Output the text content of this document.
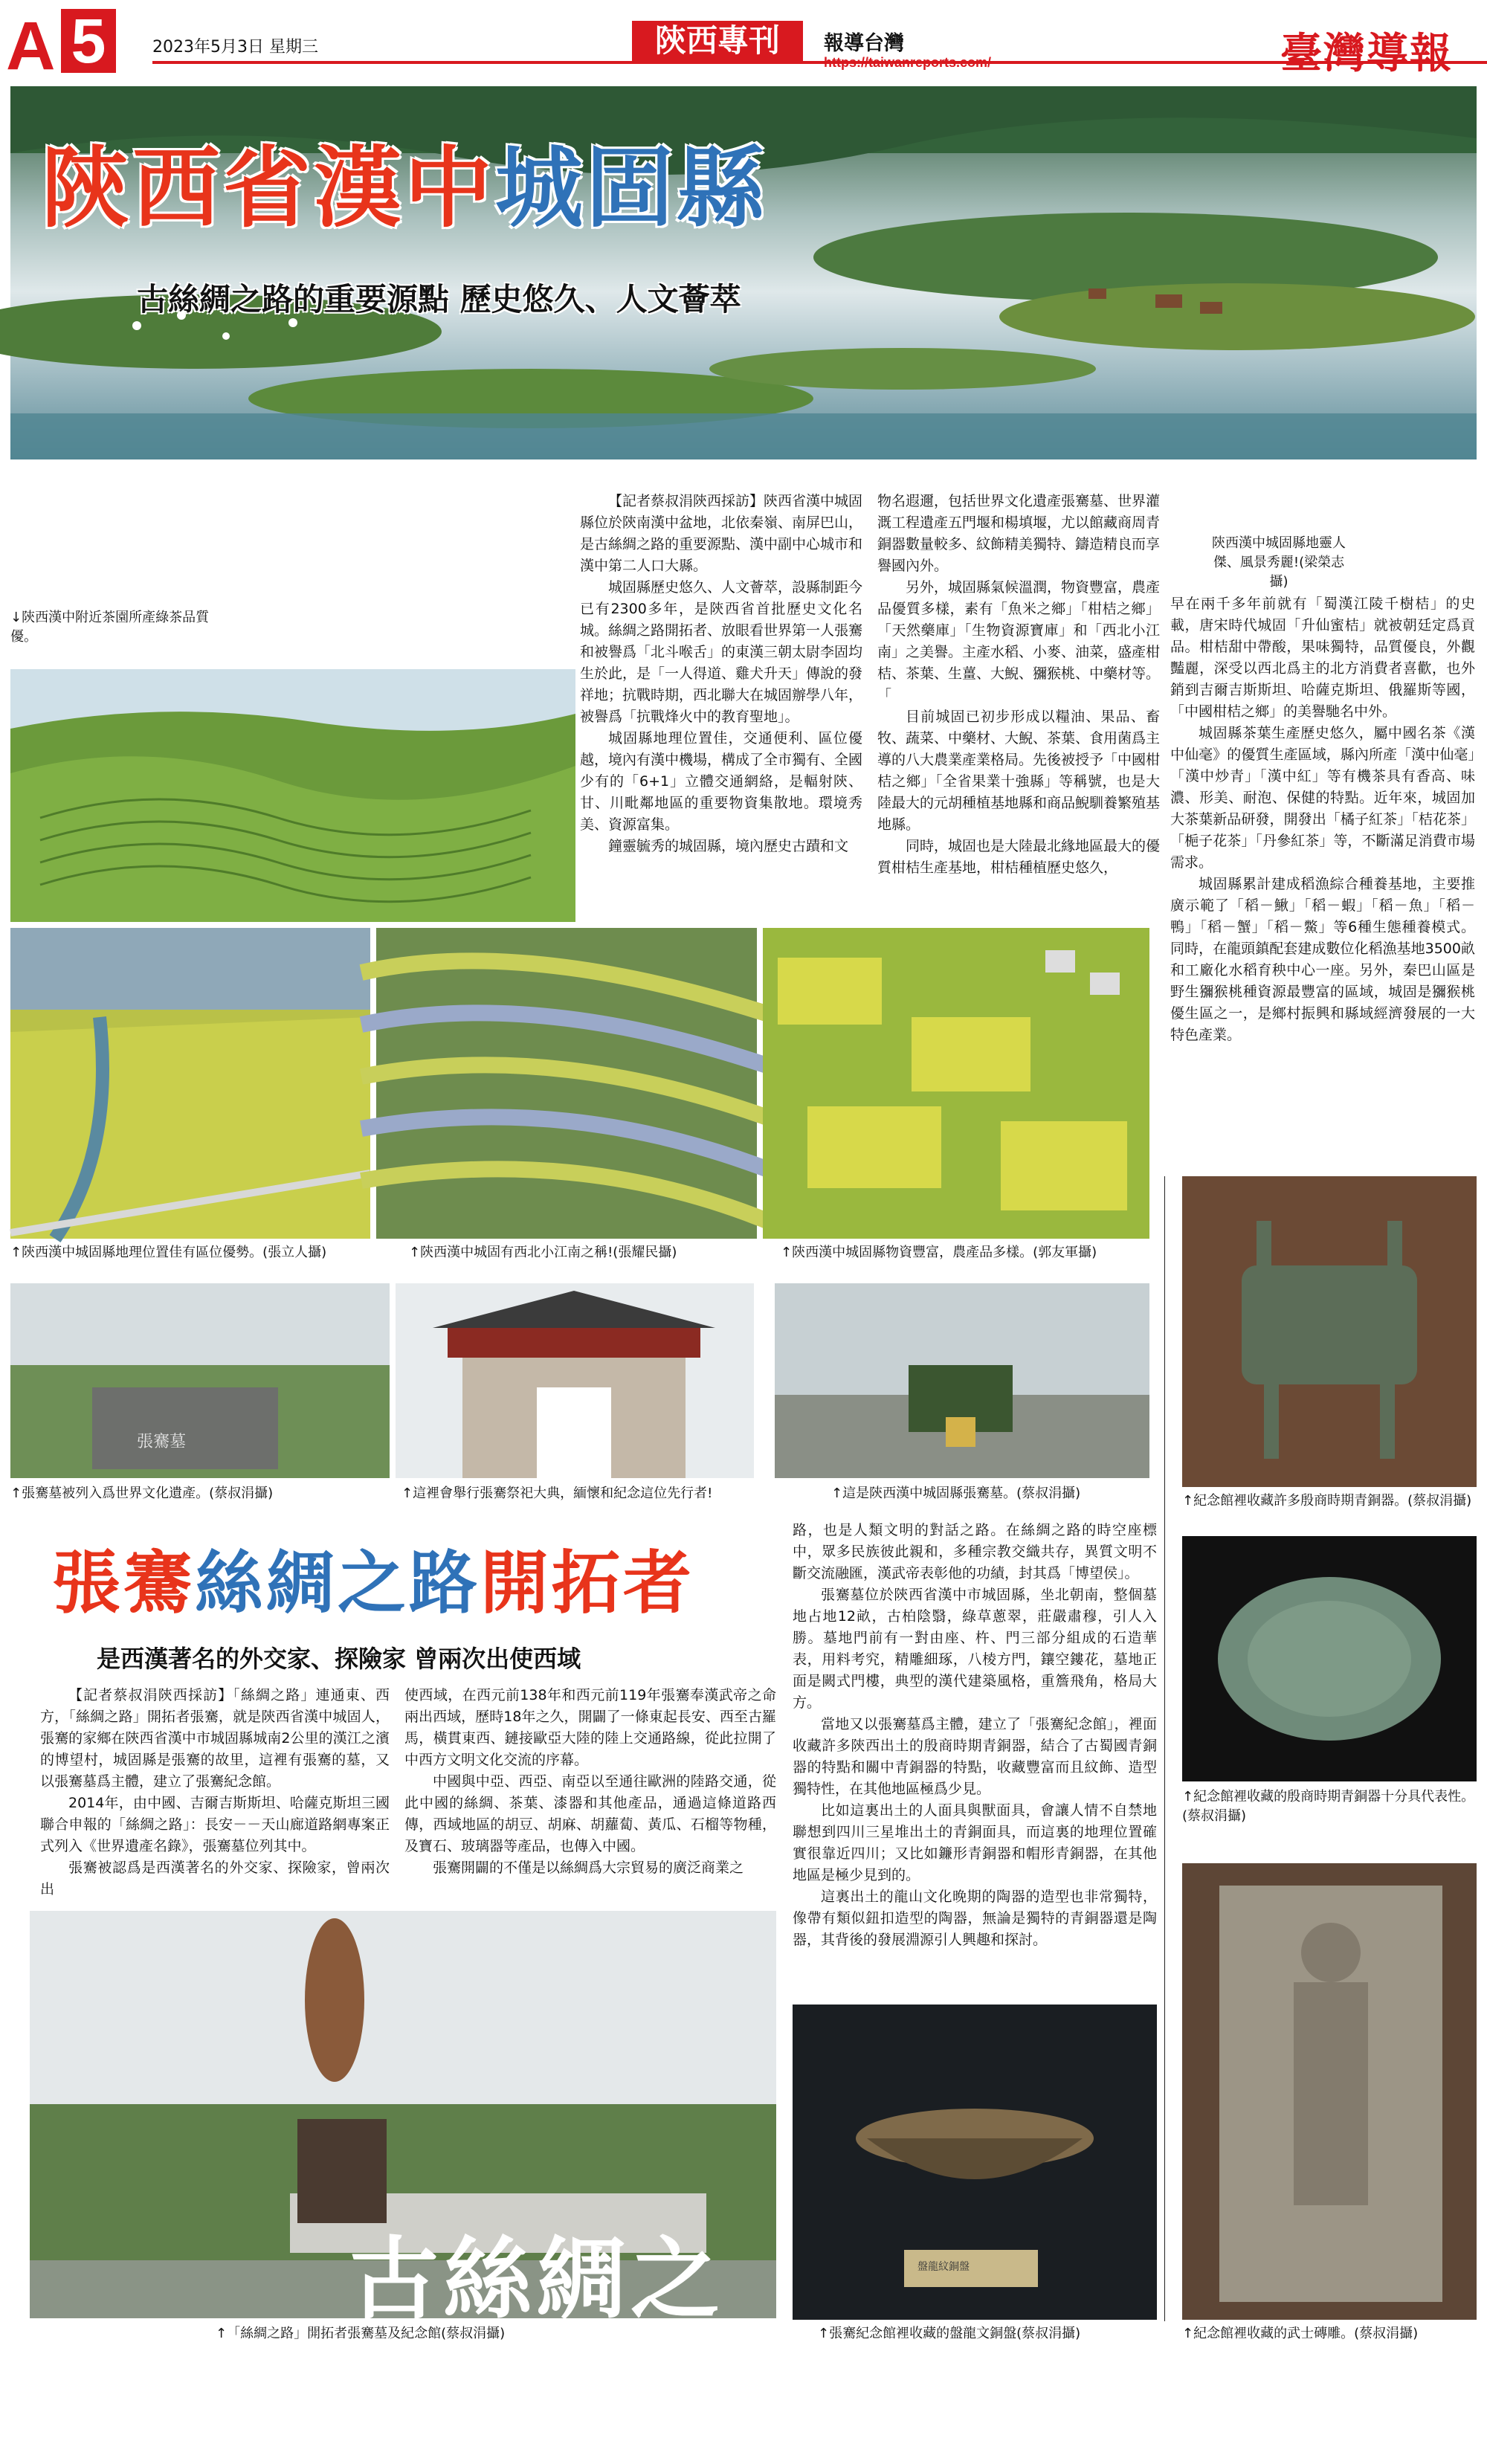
A 5	2023年5月3日 星期三	陝西專刊	報導台灣
https://taiwanreports.com/	臺灣導報
陝西省漢中城固縣
古絲綢之路的重要源點 歷史悠久、人文薈萃
陝西漢中城固縣地靈人傑、風景秀麗!(梁榮志攝)
↓陝西漢中附近茶園所產綠茶品質優。

【記者蔡叔涓陝西採訪】陝西省漢中城固縣位於陝南漢中盆地，北依秦嶺、南屏巴山，是古絲綢之路的重要源點、漢中副中心城市和漢中第二人口大縣。

城固縣歷史悠久、人文薈萃，設縣制距今已有2300多年，是陝西省首批歷史文化名城。絲綢之路開拓者、放眼看世界第一人張騫和被譽爲「北斗喉舌」的東漢三朝太尉李固均生於此，是「一人得道、雞犬升天」傳說的發祥地；抗戰時期，西北聯大在城固辦學八年，被譽爲「抗戰烽火中的教育聖地」。

城固縣地理位置佳，交通便利、區位優越，境內有漢中機場，構成了全市獨有、全國少有的「6+1」立體交通網絡，是輻射陝、甘、川毗鄰地區的重要物資集散地。環境秀美、資源富集。

鐘靈毓秀的城固縣，境內歷史古蹟和文

物名遐邇，包括世界文化遺產張騫墓、世界灌溉工程遺產五門堰和楊填堰，尤以館藏商周青銅器數量較多、紋飾精美獨特、鑄造精良而享譽國內外。

另外，城固縣氣候溫潤，物資豐富，農產品優質多樣，素有「魚米之鄉」「柑桔之鄉」「天然藥庫」「生物資源寶庫」和「西北小江南」之美譽。主產水稻、小麥、油菜，盛產柑桔、茶葉、生薑、大鯢、獼猴桃、中藥材等。「

目前城固已初步形成以糧油、果品、畜牧、蔬菜、中藥材、大鯢、茶葉、食用菌爲主導的八大農業產業格局。先後被授予「中國柑桔之鄉」「全省果業十強縣」等稱號，也是大陸最大的元胡種植基地縣和商品鯢馴養繁殖基地縣。

同時，城固也是大陸最北緣地區最大的優質柑桔生產基地，柑桔種植歷史悠久，

早在兩千多年前就有「蜀漢江陵千樹桔」的史載，唐宋時代城固「升仙蜜桔」就被朝廷定爲貢品。柑桔甜中帶酸，果味獨特，品質優良，外觀豔麗，深受以西北爲主的北方消費者喜歡，也外銷到吉爾吉斯斯坦、哈薩克斯坦、俄羅斯等國，「中國柑桔之鄉」的美譽馳名中外。

城固縣茶葉生產歷史悠久，屬中國名茶《漢中仙毫》的優質生產區域，縣內所產「漢中仙毫」「漢中炒青」「漢中紅」等有機茶具有香高、味濃、形美、耐泡、保健的特點。近年來，城固加大茶葉新品研發，開發出「橘子紅茶」「桔花茶」「梔子花茶」「丹參紅茶」等，不斷滿足消費市場需求。

城固縣累計建成稻漁綜合種養基地，主要推廣示範了「稻－鰍」「稻－蝦」「稻－魚」「稻－鴨」「稻－蟹」「稻－鱉」等6種生態種養模式。同時，在龍頭鎮配套建成數位化稻漁基地3500畝和工廠化水稻育秧中心一座。另外，秦巴山區是野生獼猴桃種資源最豐富的區域，城固是獼猴桃優生區之一，是鄉村振興和縣域經濟發展的一大特色產業。

↑陝西漢中城固縣地理位置佳有區位優勢。(張立人攝)	↑陝西漢中城固有西北小江南之稱!(張耀民攝)	↑陝西漢中城固縣物資豐富，農產品多樣。(郭友軍攝)
張騫墓
↑張騫墓被列入爲世界文化遺產。(蔡叔涓攝)	↑這裡會舉行張騫祭祀大典，緬懷和紀念這位先行者!	↑這是陝西漢中城固縣張騫墓。(蔡叔涓攝)	↑紀念館裡收藏許多殷商時期青銅器。(蔡叔涓攝)
↑紀念館裡收藏的殷商時期青銅器十分具代表性。(蔡叔涓攝)
↑紀念館裡收藏的武士磚雕。(蔡叔涓攝)
張騫絲綢之路開拓者
是西漢著名的外交家、探險家 曾兩次出使西域

【記者蔡叔涓陝西採訪】「絲綢之路」連通東、西方，「絲綢之路」開拓者張騫，就是陝西省漢中城固人，張騫的家鄉在陝西省漢中市城固縣城南2公里的漢江之濱的博望村，城固縣是張騫的故里，這裡有張騫的墓，又以張騫墓爲主體，建立了張騫紀念館。

2014年，由中國、吉爾吉斯斯坦、哈薩克斯坦三國聯合申報的「絲綢之路」：長安－－天山廊道路網專案正式列入《世界遺產名錄》，張騫墓位列其中。

張騫被認爲是西漢著名的外交家、探險家，曾兩次出

使西域，在西元前138年和西元前119年張騫奉漢武帝之命兩出西域，歷時18年之久，開闢了一條東起長安、西至古羅馬，橫貫東西、鏈接歐亞大陸的陸上交通路線，從此拉開了中西方文明文化交流的序幕。

中國與中亞、西亞、南亞以至通往歐洲的陸路交通，從此中國的絲綢、茶葉、漆器和其他產品，通過這條道路西傳，西域地區的胡豆、胡麻、胡蘿蔔、黃瓜、石榴等物種，及寶石、玻璃器等產品，也傳入中國。

張騫開闢的不僅是以絲綢爲大宗貿易的廣泛商業之

路，也是人類文明的對話之路。在絲綢之路的時空座標中，眾多民族彼此親和，多種宗教交織共存，異質文明不斷交流融匯，漢武帝表彰他的功績，封其爲「博望侯」。

張騫墓位於陝西省漢中市城固縣，坐北朝南，整個墓地占地12畝，古柏陰翳，綠草蔥翠，莊嚴肅穆，引人入勝。墓地門前有一對由座、杵、門三部分組成的石造華表，用料考究，精雕細琢，八棱方門，鑲空鏤花，墓地正面是闕式門樓，典型的漢代建築風格，重簷飛角，格局大方。

當地又以張騫墓爲主體，建立了「張騫紀念館」，裡面收藏許多陝西出土的殷商時期青銅器，結合了古蜀國青銅器的特點和關中青銅器的特點，收藏豐富而且紋飾、造型獨特性，在其他地區極爲少見。

比如這裏出土的人面具與獸面具，會讓人情不自禁地聯想到四川三星堆出土的青銅面具，而這裏的地理位置確實很靠近四川；又比如鐮形青銅器和帽形青銅器，在其他地區是極少見到的。

這裏出土的龍山文化晚期的陶器的造型也非常獨特，像帶有類似鈕扣造型的陶器，無論是獨特的青銅器還是陶器，其背後的發展淵源引人興趣和探討。

古絲綢之路
↑「絲綢之路」開拓者張騫墓及紀念館(蔡叔涓攝)
盤龍紋銅盤
↑張騫紀念館裡收藏的盤龍文銅盤(蔡叔涓攝)
